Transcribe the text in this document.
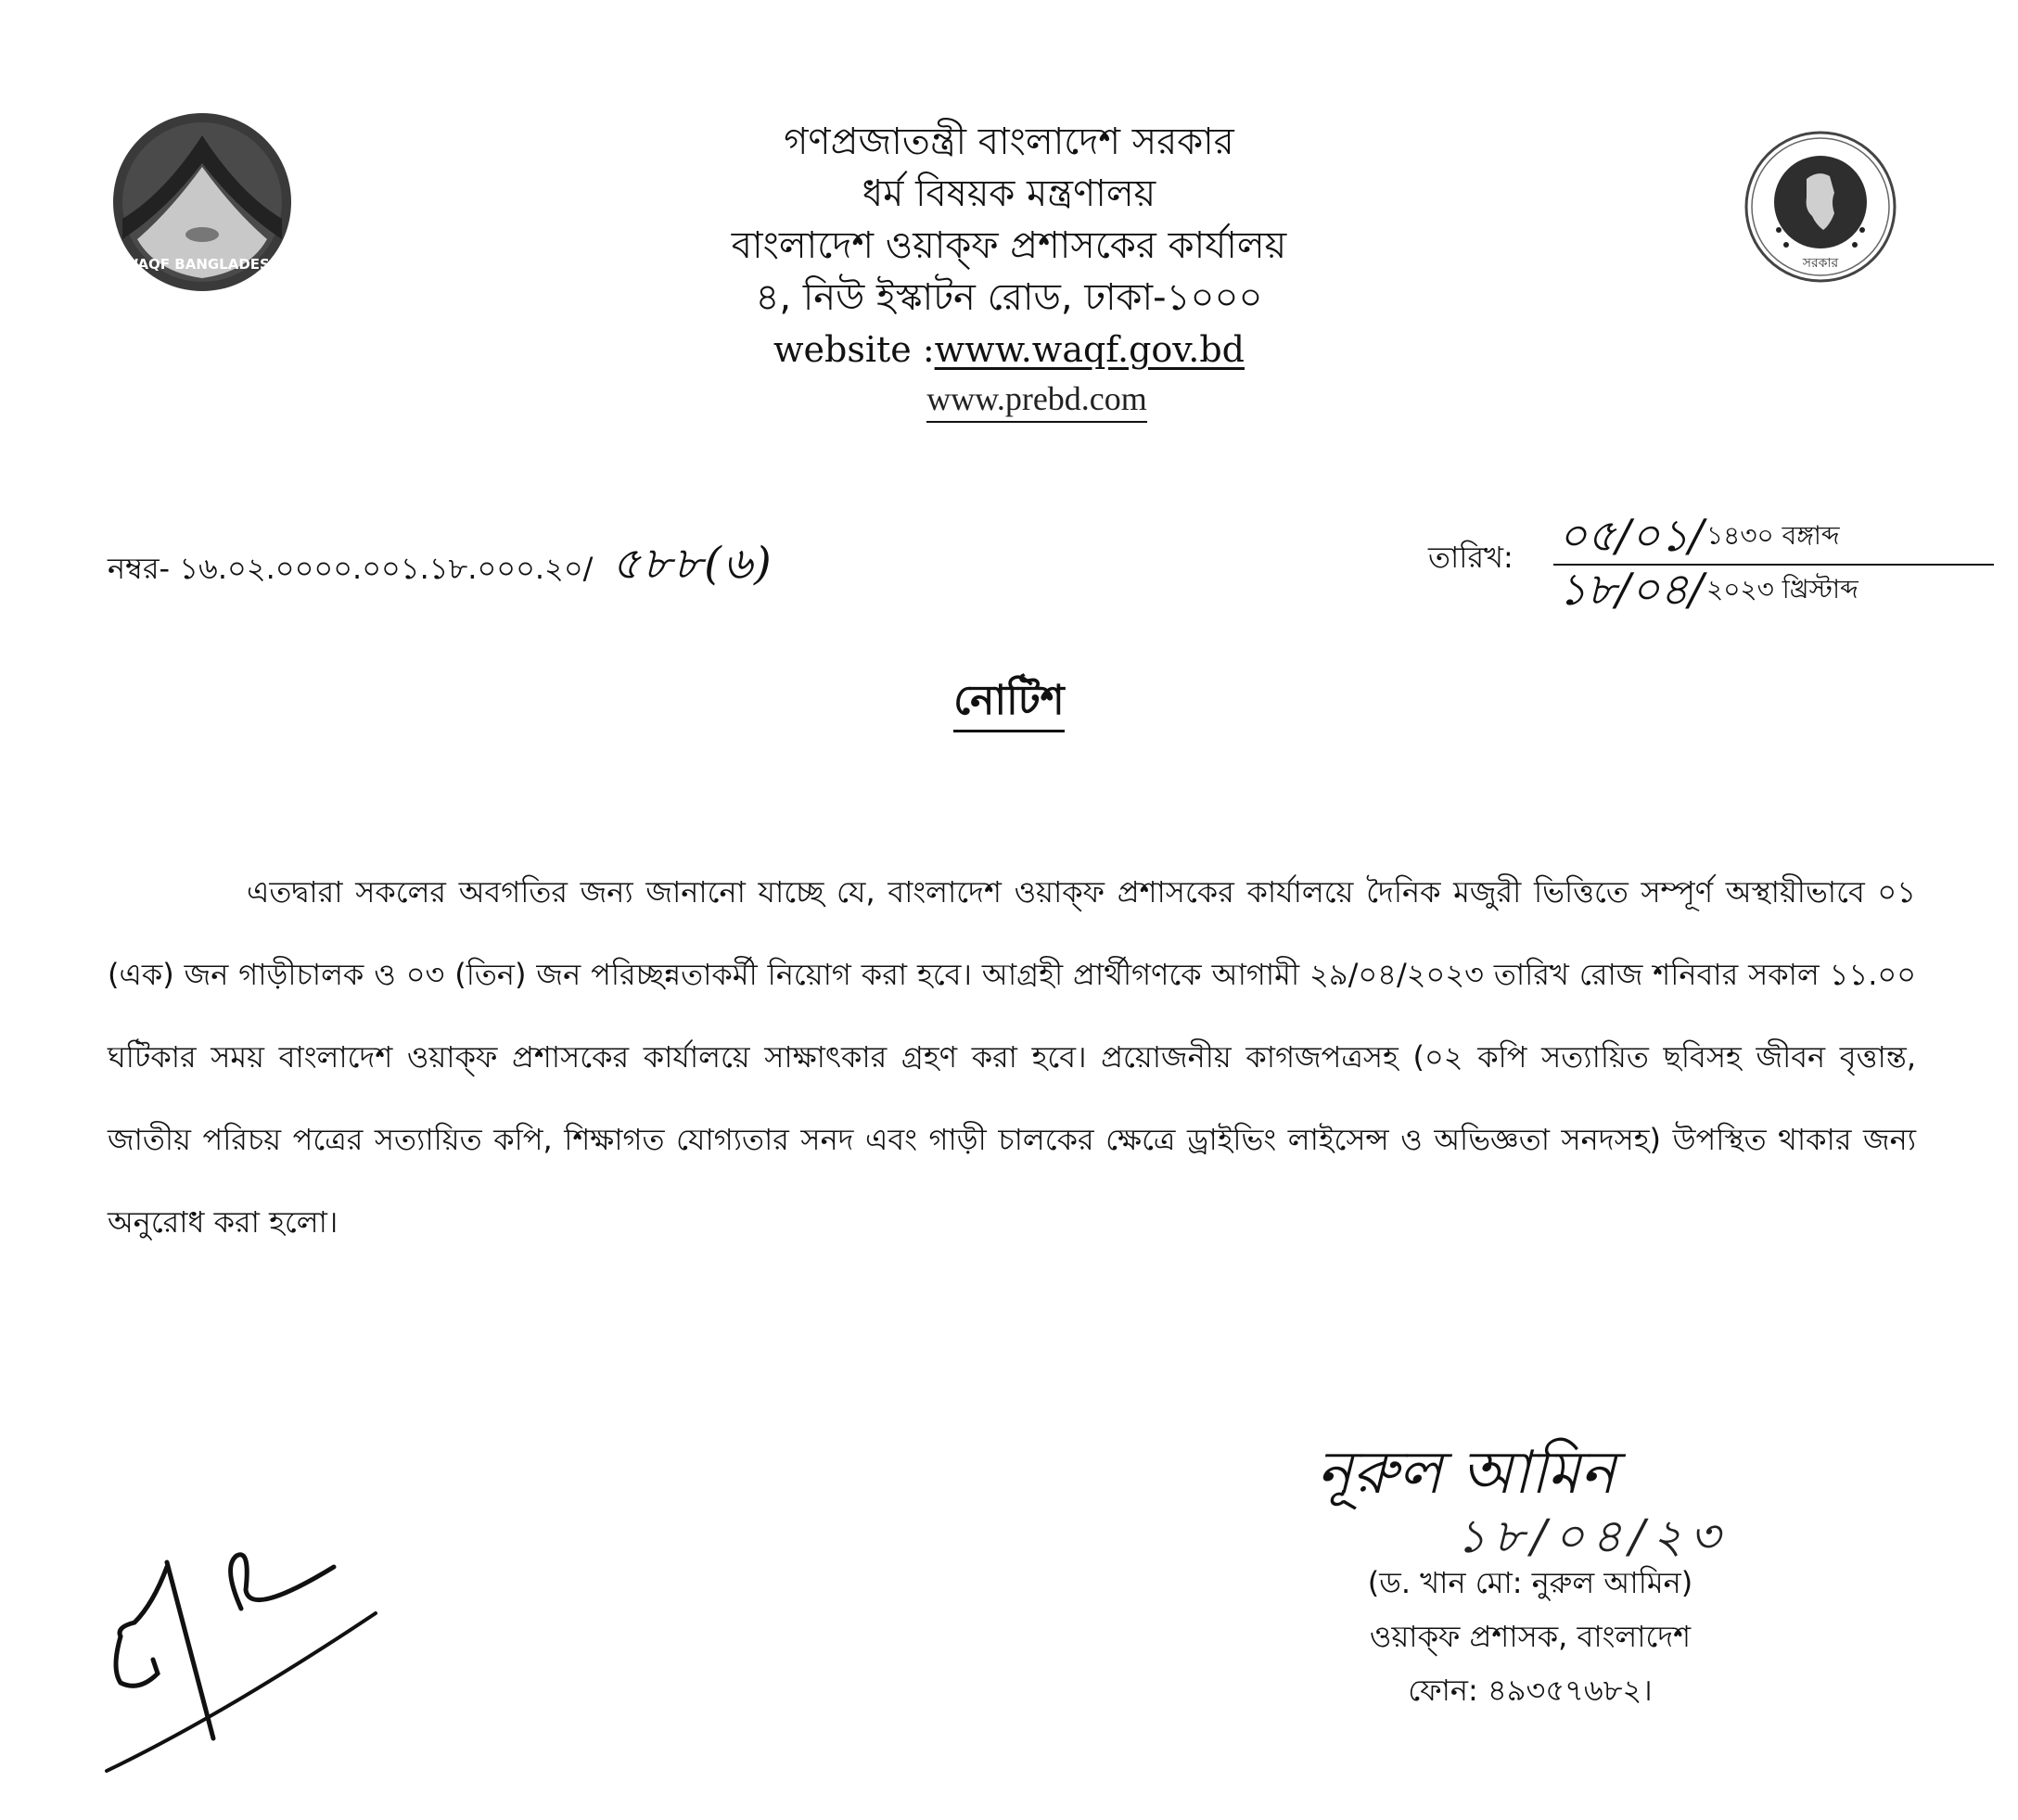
WAQF BANGLADESH	সরকার
গণপ্রজাতন্ত্রী বাংলাদেশ সরকার
ধর্ম বিষয়ক মন্ত্রণালয়
বাংলাদেশ ওয়াক্ফ প্রশাসকের কার্যালয়
৪, নিউ ইস্কাটন রোড, ঢাকা-১০০০
website :www.waqf.gov.bd
www.prebd.com
নম্বর- ১৬.০২.০০০০.০০১.১৮.০০০.২০/ ৫৮৮(৬)	তারিখ: ০৫/০১/ ১৪৩০ বঙ্গাব্দ
১৮/০৪/ ২০২৩ খ্রিস্টাব্দ
নোটিশ

এতদ্বারা সকলের অবগতির জন্য জানানো যাচ্ছে যে, বাংলাদেশ ওয়াক্ফ প্রশাসকের কার্যালয়ে দৈনিক মজুরী ভিত্তিতে সম্পূর্ণ অস্থায়ীভাবে ০১ (এক) জন গাড়ীচালক ও ০৩ (তিন) জন পরিচ্ছন্নতাকর্মী নিয়োগ করা হবে। আগ্রহী প্রার্থীগণকে আগামী ২৯/০৪/২০২৩ তারিখ রোজ শনিবার সকাল ১১.০০ ঘটিকার সময় বাংলাদেশ ওয়াক্ফ প্রশাসকের কার্যালয়ে সাক্ষাৎকার গ্রহণ করা হবে। প্রয়োজনীয় কাগজপত্রসহ (০২ কপি সত্যায়িত ছবিসহ জীবন বৃত্তান্ত, জাতীয় পরিচয় পত্রের সত্যায়িত কপি, শিক্ষাগত যোগ্যতার সনদ এবং গাড়ী চালকের ক্ষেত্রে ড্রাইভিং লাইসেন্স ও অভিজ্ঞতা সনদসহ) উপস্থিত থাকার জন্য অনুরোধ করা হলো।

নূরুল আমিন
১৮/০৪/২৩
(ড. খান মো: নুরুল আমিন)
ওয়াক্ফ প্রশাসক, বাংলাদেশ
ফোন: ৪৯৩৫৭৬৮২।
